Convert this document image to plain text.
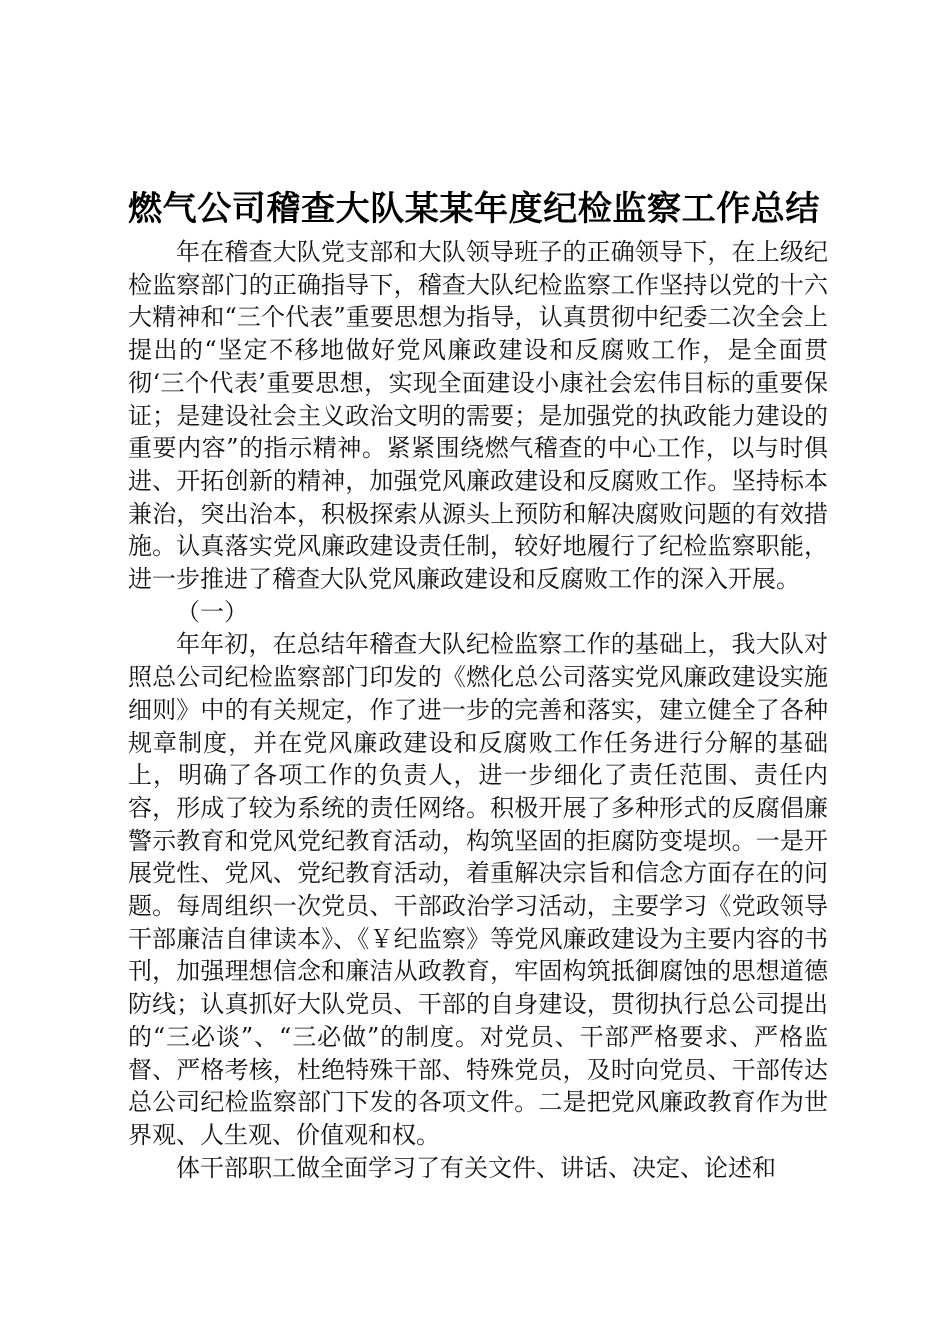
燃气公司稽查大队某某年度纪检监察工作总结

年在稽查大队党支部和大队领导班子的正确领导下，在上级纪检监察部门的正确指导下，稽查大队纪检监察工作坚持以党的十六大精神和“三个代表”重要思想为指导，认真贯彻中纪委二次全会上提出的“坚定不移地做好党风廉政建设和反腐败工作，是全面贯彻‘三个代表’重要思想，实现全面建设小康社会宏伟目标的重要保证；是建设社会主义政治文明的需要；是加强党的执政能力建设的重要内容”的指示精神。紧紧围绕燃气稽查的中心工作，以与时俱进、开拓创新的精神，加强党风廉政建设和反腐败工作。坚持标本兼治，突出治本，积极探索从源头上预防和解决腐败问题的有效措施。认真落实党风廉政建设责任制，较好地履行了纪检监察职能，进一步推进了稽查大队党风廉政建设和反腐败工作的深入开展。

（一）

年年初，在总结年稽查大队纪检监察工作的基础上，我大队对照总公司纪检监察部门印发的《燃化总公司落实党风廉政建设实施细则》中的有关规定，作了进一步的完善和落实，建立健全了各种规章制度，并在党风廉政建设和反腐败工作任务进行分解的基础上，明确了各项工作的负责人，进一步细化了责任范围、责任内容，形成了较为系统的责任网络。积极开展了多种形式的反腐倡廉警示教育和党风党纪教育活动，构筑坚固的拒腐防变堤坝。一是开展党性、党风、党纪教育活动，着重解决宗旨和信念方面存在的问题。每周组织一次党员、干部政治学习活动，主要学习《党政领导干部廉洁自律读本》、《￥纪监察》等党风廉政建设为主要内容的书刊，加强理想信念和廉洁从政教育，牢固构筑抵御腐蚀的思想道德防线；认真抓好大队党员、干部的自身建设，贯彻执行总公司提出的“三必谈”、“三必做”的制度。对党员、干部严格要求、严格监督、严格考核，杜绝特殊干部、特殊党员，及时向党员、干部传达总公司纪检监察部门下发的各项文件。二是把党风廉政教育作为世界观、人生观、价值观和权。

体干部职工做全面学习了有关文件、讲话、决定、论述和
